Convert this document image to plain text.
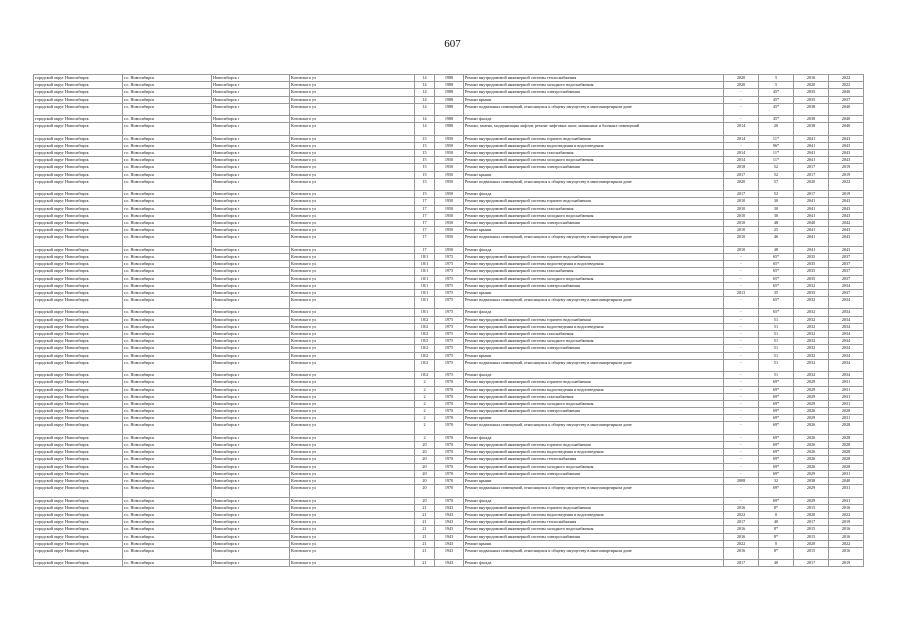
607
городской округ Новосибирск	г.о. Новосибирск	Новосибирск г	Котовского ул	14	1988	Ремонт внутридомовой инженерной системы теплоснабжения	2020	5	2016	2022
городской округ Новосибирск	г.о. Новосибирск	Новосибирск г	Котовского ул	14	1988	Ремонт внутридомовой инженерной системы холодного водоснабжения	2020	5	2020	2022
городской округ Новосибирск	г.о. Новосибирск	Новосибирск г	Котовского ул	14	1988	Ремонт внутридомовой инженерной системы электроснабжения	-	45*	2035	2040
городской округ Новосибирск	г.о. Новосибирск	Новосибирск г	Котовского ул	14	1988	Ремонт крыши	-	45*	2035	2037
городской округ Новосибирск	г.о. Новосибирск	Новосибирск г	Котовского ул	14	1988	Ремонт подвальных помещений, относящихся к общему имуществу в многоквартирном доме	-	45*	2038	2040
городской округ Новосибирск	г.о. Новосибирск	Новосибирск г	Котовского ул	14	1988	Ремонт фасада	-	45*	2038	2040
городской округ Новосибирск	г.о. Новосибирск	Новосибирск г	Котовского ул	14	1988	Ремонт, замена, модернизация лифтов, ремонт лифтовых шахт, машинных и блочных помещений	2014	20	2038	2040
городской округ Новосибирск	г.о. Новосибирск	Новосибирск г	Котовского ул	15	1950	Ремонт внутридомовой инженерной системы горячего водоснабжения	2014	11*	2041	2043
городской округ Новосибирск	г.о. Новосибирск	Новосибирск г	Котовского ул	15	1950	Ремонт внутридомовой инженерной системы водоотведения и водоотведения	-	96*	2041	2043
городской округ Новосибирск	г.о. Новосибирск	Новосибирск г	Котовского ул	15	1950	Ремонт внутридомовой инженерной системы газоснабжения	2014	11*	2041	2043
городской округ Новосибирск	г.о. Новосибирск	Новосибирск г	Котовского ул	15	1950	Ремонт внутридомовой инженерной системы холодного водоснабжения	2014	11*	2041	2043
городской округ Новосибирск	г.о. Новосибирск	Новосибирск г	Котовского ул	15	1950	Ремонт внутридомовой инженерной системы электроснабжения	2018	52	2017	2019
городской округ Новосибирск	г.о. Новосибирск	Новосибирск г	Котовского ул	15	1950	Ремонт крыши	2017	52	2017	2019
городской округ Новосибирск	г.о. Новосибирск	Новосибирск г	Котовского ул	15	1950	Ремонт подвальных помещений, относящихся к общему имуществу в многоквартирном доме	2020	57	2020	2022
городской округ Новосибирск	г.о. Новосибирск	Новосибирск г	Котовского ул	15	1950	Ремонт фасада	2017	52	2017	2019
городской округ Новосибирск	г.о. Новосибирск	Новосибирск г	Котовского ул	17	1950	Ремонт внутридомовой инженерной системы горячего водоснабжения	2010	30	2041	2043
городской округ Новосибирск	г.о. Новосибирск	Новосибирск г	Котовского ул	17	1950	Ремонт внутридомовой инженерной системы газоснабжения	2010	30	2041	2043
городской округ Новосибирск	г.о. Новосибирск	Новосибирск г	Котовского ул	17	1950	Ремонт внутридомовой инженерной системы холодного водоснабжения	2010	30	2041	2043
городской округ Новосибирск	г.о. Новосибирск	Новосибирск г	Котовского ул	17	1950	Ремонт внутридомовой инженерной системы электроснабжения	2010	48	2040	2042
городской округ Новосибирск	г.о. Новосибирск	Новосибирск г	Котовского ул	17	1950	Ремонт крыши	2010	25	2041	2043
городской округ Новосибирск	г.о. Новосибирск	Новосибирск г	Котовского ул	17	1950	Ремонт подвальных помещений, относящихся к общему имуществу в многоквартирном доме	2010	46	2041	2043
городской округ Новосибирск	г.о. Новосибирск	Новосибирск г	Котовского ул	17	1950	Ремонт фасада	2010	48	2041	2043
городской округ Новосибирск	г.о. Новосибирск	Новосибирск г	Котовского ул	18/1	1975	Ремонт внутридомовой инженерной системы горячего водоснабжения	-	65*	2035	2037
городской округ Новосибирск	г.о. Новосибирск	Новосибирск г	Котовского ул	18/1	1975	Ремонт внутридомовой инженерной системы водоотведения и водоотведения	-	65*	2035	2037
городской округ Новосибирск	г.о. Новосибирск	Новосибирск г	Котовского ул	18/1	1975	Ремонт внутридомовой инженерной системы газоснабжения	-	65*	2035	2037
городской округ Новосибирск	г.о. Новосибирск	Новосибирск г	Котовского ул	18/1	1975	Ремонт внутридомовой инженерной системы холодного водоснабжения	-	65*	2035	2037
городской округ Новосибирск	г.о. Новосибирск	Новосибирск г	Котовского ул	18/1	1975	Ремонт внутридомовой инженерной системы электроснабжения	-	65*	2032	2034
городской округ Новосибирск	г.о. Новосибирск	Новосибирск г	Котовского ул	18/1	1975	Ремонт крыши	2013	35	2035	2037
городской округ Новосибирск	г.о. Новосибирск	Новосибирск г	Котовского ул	18/1	1975	Ремонт подвальных помещений, относящихся к общему имуществу в многоквартирном доме	-	65*	2032	2034
городской округ Новосибирск	г.о. Новосибирск	Новосибирск г	Котовского ул	18/1	1975	Ремонт фасада	-	65*	2032	2034
городской округ Новосибирск	г.о. Новосибирск	Новосибирск г	Котовского ул	18/2	1975	Ремонт внутридомовой инженерной системы горячего водоснабжения	-	51	2032	2034
городской округ Новосибирск	г.о. Новосибирск	Новосибирск г	Котовского ул	18/2	1975	Ремонт внутридомовой инженерной системы водоотведения и водоотведения	-	51	2032	2034
городской округ Новосибирск	г.о. Новосибирск	Новосибирск г	Котовского ул	18/2	1975	Ремонт внутридомовой инженерной системы газоснабжения	-	51	2032	2034
городской округ Новосибирск	г.о. Новосибирск	Новосибирск г	Котовского ул	18/2	1975	Ремонт внутридомовой инженерной системы холодного водоснабжения	-	51	2032	2034
городской округ Новосибирск	г.о. Новосибирск	Новосибирск г	Котовского ул	18/2	1975	Ремонт внутридомовой инженерной системы электроснабжения	-	51	2032	2034
городской округ Новосибирск	г.о. Новосибирск	Новосибирск г	Котовского ул	18/2	1975	Ремонт крыши	-	51	2032	2034
городской округ Новосибирск	г.о. Новосибирск	Новосибирск г	Котовского ул	18/2	1975	Ремонт подвальных помещений, относящихся к общему имуществу в многоквартирном доме	-	51	2032	2034
городской округ Новосибирск	г.о. Новосибирск	Новосибирск г	Котовского ул	18/2	1975	Ремонт фасада	-	51	2032	2034
городской округ Новосибирск	г.о. Новосибирск	Новосибирск г	Котовского ул	2	1970	Ремонт внутридомовой инженерной системы горячего водоснабжения	-	69*	2029	2031
городской округ Новосибирск	г.о. Новосибирск	Новосибирск г	Котовского ул	2	1970	Ремонт внутридомовой инженерной системы водоотведения и водоотведения	-	69*	2029	2031
городской округ Новосибирск	г.о. Новосибирск	Новосибирск г	Котовского ул	2	1970	Ремонт внутридомовой инженерной системы газоснабжения	-	69*	2029	2031
городской округ Новосибирск	г.о. Новосибирск	Новосибирск г	Котовского ул	2	1970	Ремонт внутридомовой инженерной системы холодного водоснабжения	-	69*	2029	2031
городской округ Новосибирск	г.о. Новосибирск	Новосибирск г	Котовского ул	2	1970	Ремонт внутридомовой инженерной системы электроснабжения	-	69*	2026	2028
городской округ Новосибирск	г.о. Новосибирск	Новосибирск г	Котовского ул	2	1970	Ремонт крыши	-	69*	2029	2031
городской округ Новосибирск	г.о. Новосибирск	Новосибирск г	Котовского ул	2	1970	Ремонт подвальных помещений, относящихся к общему имуществу в многоквартирном доме	-	69*	2026	2028
городской округ Новосибирск	г.о. Новосибирск	Новосибирск г	Котовского ул	2	1970	Ремонт фасада	-	69*	2026	2028
городской округ Новосибирск	г.о. Новосибирск	Новосибирск г	Котовского ул	20	1970	Ремонт внутридомовой инженерной системы горячего водоснабжения	-	69*	2026	2028
городской округ Новосибирск	г.о. Новосибирск	Новосибирск г	Котовского ул	20	1970	Ремонт внутридомовой инженерной системы водоотведения и водоотведения	-	69*	2026	2028
городской округ Новосибирск	г.о. Новосибирск	Новосибирск г	Котовского ул	20	1970	Ремонт внутридомовой инженерной системы теплоснабжения	-	69*	2026	2028
городской округ Новосибирск	г.о. Новосибирск	Новосибирск г	Котовского ул	20	1970	Ремонт внутридомовой инженерной системы холодного водоснабжения	-	69*	2026	2028
городской округ Новосибирск	г.о. Новосибирск	Новосибирск г	Котовского ул	20	1970	Ремонт внутридомовой инженерной системы электроснабжения	-	69*	2029	2031
городской округ Новосибирск	г.о. Новосибирск	Новосибирск г	Котовского ул	20	1970	Ремонт крыши	2008	32	2038	2040
городской округ Новосибирск	г.о. Новосибирск	Новосибирск г	Котовского ул	20	1970	Ремонт подвальных помещений, относящихся к общему имуществу в многоквартирном доме	-	69*	2029	2031
городской округ Новосибирск	г.о. Новосибирск	Новосибирск г	Котовского ул	20	1970	Ремонт фасада	-	69*	2029	2031
городской округ Новосибирск	г.о. Новосибирск	Новосибирск г	Котовского ул	21	1943	Ремонт внутридомовой инженерной системы горячего водоснабжения	2016	8*	2015	2016
городской округ Новосибирск	г.о. Новосибирск	Новосибирск г	Котовского ул	21	1943	Ремонт внутридомовой инженерной системы водоотведения и водоотведения	2022	0	2020	2022
городской округ Новосибирск	г.о. Новосибирск	Новосибирск г	Котовского ул	21	1943	Ремонт внутридомовой инженерной системы теплоснабжения	2017	40	2017	2019
городской округ Новосибирск	г.о. Новосибирск	Новосибирск г	Котовского ул	21	1943	Ремонт внутридомовой инженерной системы холодного водоснабжения	2016	8*	2015	2016
городской округ Новосибирск	г.о. Новосибирск	Новосибирск г	Котовского ул	21	1943	Ремонт внутридомовой инженерной системы электроснабжения	2016	8*	2015	2016
городской округ Новосибирск	г.о. Новосибирск	Новосибирск г	Котовского ул	21	1943	Ремонт крыши	2022	0	2020	2022
городской округ Новосибирск	г.о. Новосибирск	Новосибирск г	Котовского ул	21	1943	Ремонт подвальных помещений, относящихся к общему имуществу в многоквартирном доме	2016	8*	2015	2016
городской округ Новосибирск	г.о. Новосибирск	Новосибирск г	Котовского ул	21	1943	Ремонт фасада	2017	40	2017	2019
